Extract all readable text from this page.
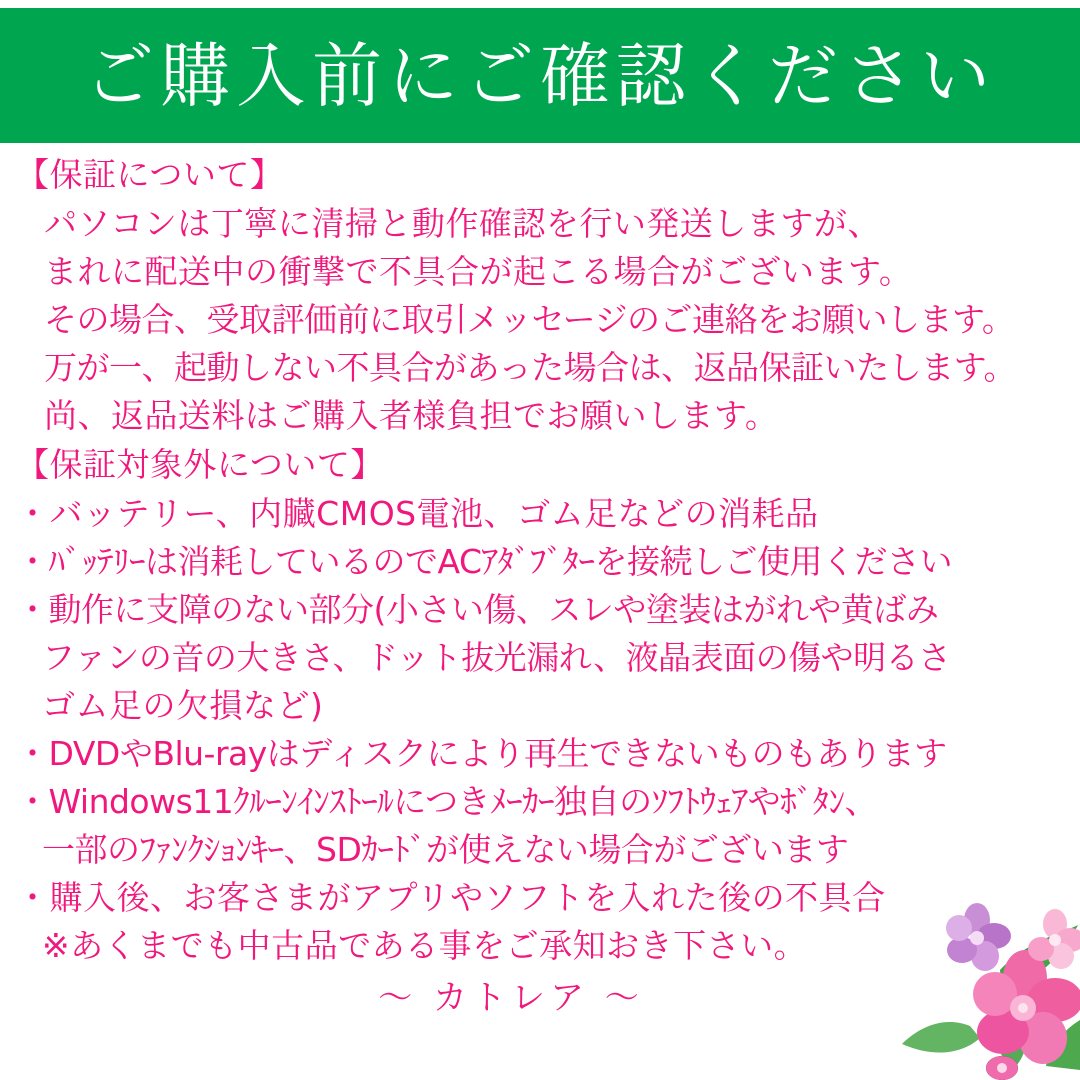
ご購入前にご確認ください
【保証について】
パソコンは丁寧に清掃と動作確認を行い発送しますが、
まれに配送中の衝撃で不具合が起こる場合がございます。
その場合、受取評価前に取引メッセージのご連絡をお願いします。
万が一、起動しない不具合があった場合は、返品保証いたします。
尚、返品送料はご購入者様負担でお願いします。
【保証対象外について】
・バッテリー、内臓CMOS電池、ゴム足などの消耗品
・ﾊﾞｯﾃﾘｰは消耗しているのでACｱﾀﾞﾌﾞﾀｰを接続しご使用ください
・動作に支障のない部分(小さい傷、スレや塗装はがれや黄ばみ
ファンの音の大きさ、ドット抜光漏れ、液晶表面の傷や明るさ
ゴム足の欠損など)
・DVDやBlu-rayはディスクにより再生できないものもあります
・Windows11ｸﾙｰﾝｲﾝｽﾄｰﾙにつきﾒｰｶｰ独自のｿﾌﾄｳｪｱやﾎﾞﾀﾝ、
一部のﾌｧﾝｸｼｮﾝｷｰ、SDｶｰﾄﾞが使えない場合がございます
・購入後、お客さまがアプリやソフトを入れた後の不具合
※あくまでも中古品である事をご承知おき下さい。
〜 カトレア 〜
